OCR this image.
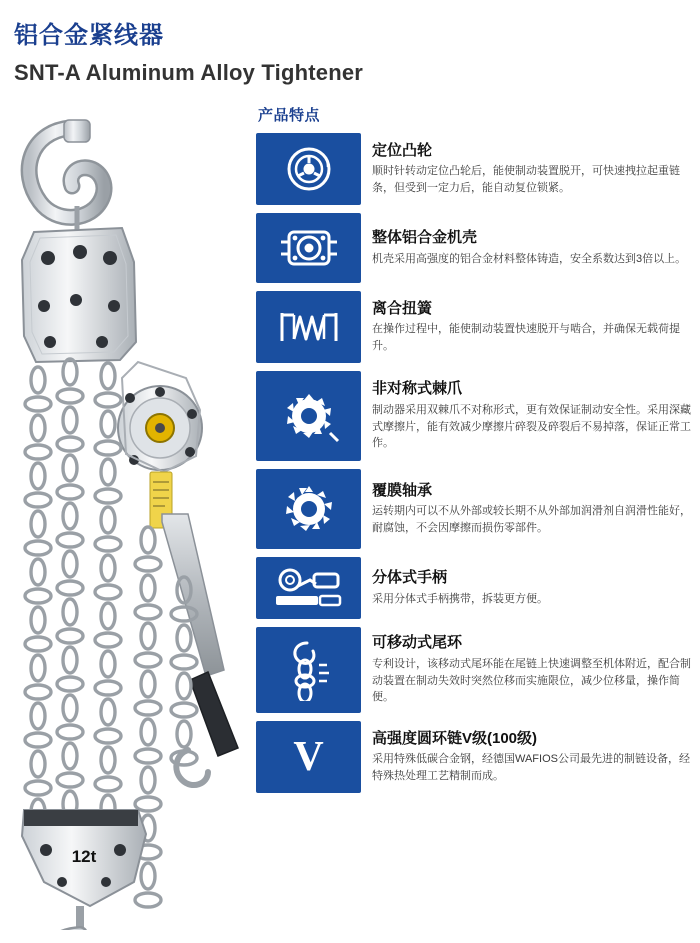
铝合金紧线器
SNT-A Aluminum Alloy Tightener
12t
产品特点
定位凸轮
顺时针转动定位凸轮后，能使制动装置脱开，可快速拽拉起重链条，但受到一定力后，能自动复位锁紧。
整体铝合金机壳
机壳采用高强度的铝合金材料整体铸造，安全系数达到3倍以上。
离合扭簧
在操作过程中，能使制动装置快速脱开与啮合，并确保无载荷提升。
非对称式棘爪
制动器采用双棘爪不对称形式，更有效保证制动安全性。采用深藏式摩擦片，能有效减少摩擦片碎裂及碎裂后不易掉落，保证正常工作。
覆膜轴承
运转期内可以不从外部或较长期不从外部加润滑剂自润滑性能好，耐腐蚀，不会因摩擦而损伤零部件。
分体式手柄
采用分体式手柄携带，拆装更方便。
可移动式尾环
专利设计，该移动式尾环能在尾链上快速调整至机体附近，配合制动装置在制动失效时突然位移而实施限位，减少位移量，操作简便。
V	高强度圆环链V级(100级)
采用特殊低碳合金钢，经德国WAFIOS公司最先进的制链设备，经特殊热处理工艺精制而成。
